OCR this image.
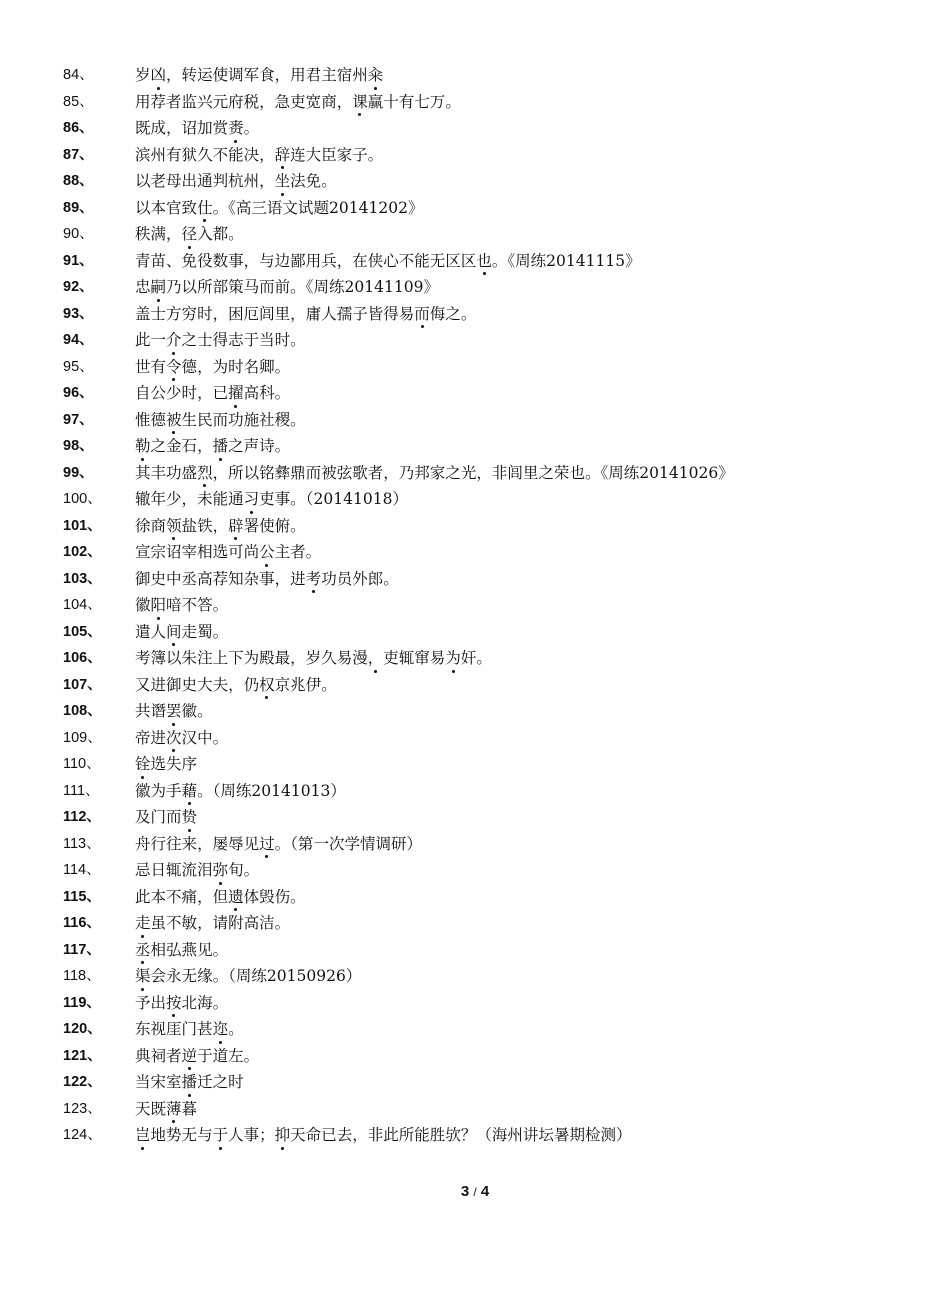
84、	岁凶，转运使调军食，用君主宿州籴
85、	用荐者监兴元府税，急吏宽商，课赢十有七万。
86、	既成，诏加赏赉。
87、	滨州有狱久不能决，辞连大臣家子。
88、	以老母出通判杭州，坐法免。
89、	以本官致仕。《高三语文试题20141202》
90、	秩满，径入都。
91、	青苗、免役数事，与边鄙用兵，在侠心不能无区区也。《周练20141115》
92、	忠嗣乃以所部策马而前。《周练20141109》
93、	盖士方穷时，困厄闾里，庸人孺子皆得易而侮之。
94、	此一介之士得志于当时。
95、	世有令德，为时名卿。
96、	自公少时，已擢高科。
97、	惟德被生民而功施社稷。
98、	勒之金石，播之声诗。
99、	其丰功盛烈，所以铭彝鼎而被弦歌者，乃邦家之光，非闾里之荣也。《周练20141026》
100、	辙年少，未能通习吏事。（20141018）
101、	徐商领盐铁，辟署使俯。
102、	宣宗诏宰相选可尚公主者。
103、	御史中丞高荐知杂事，进考功员外郎。
104、	徽阳喑不答。
105、	遣人间走蜀。
106、	考簿以朱注上下为殿最，岁久易漫，吏辄窜易为奸。
107、	又进御史大夫，仍权京兆伊。
108、	共谮罢徽。
109、	帝进次汉中。
110、	铨选失序
111、	徽为手藉。（周练20141013）
112、	及门而贽
113、	舟行往来，屡辱见过。（第一次学情调研）
114、	忌日辄流泪弥旬。
115、	此本不痛，但遗体毁伤。
116、	走虽不敏，请附高洁。
117、	丞相弘燕见。
118、	渠会永无缘。（周练20150926）
119、	予出按北海。
120、	东视厓门甚迩。
121、	典祠者逆于道左。
122、	当宋室播迁之时
123、	天既薄暮
124、	岂地势无与于人事；抑天命已去，非此所能胜欤？（海州讲坛暑期检测）
3 / 4
